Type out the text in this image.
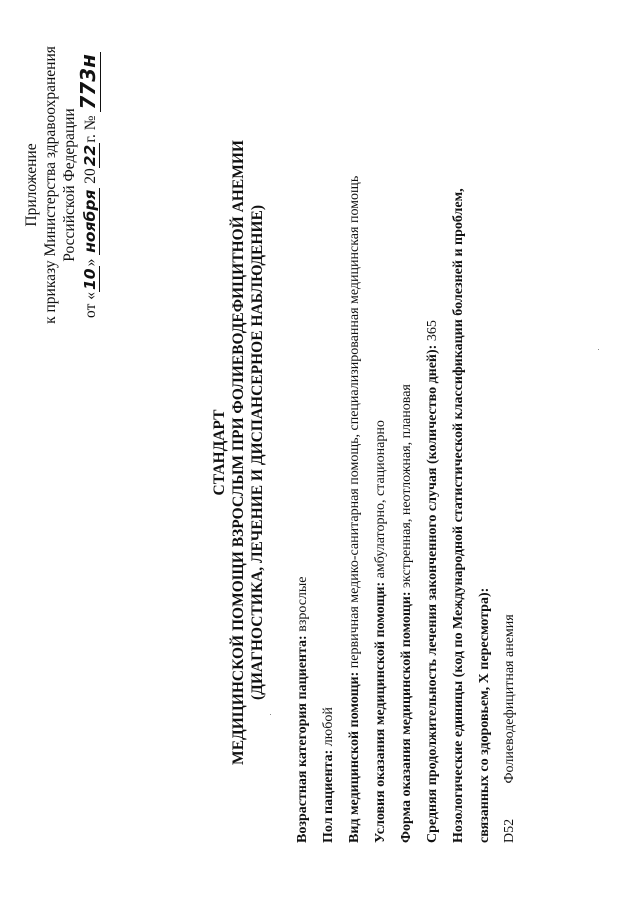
Приложение к приказу Министерства здравоохранения Российской Федерации
от «10» ноября 2022г. № 773н
СТАНДАРТ МЕДИЦИНСКОЙ ПОМОЩИ ВЗРОСЛЫМ ПРИ ФОЛИЕВОДЕФИЦИТНОЙ АНЕМИИ (ДИАГНОСТИКА, ЛЕЧЕНИЕ И ДИСПАНСЕРНОЕ НАБЛЮДЕНИЕ)
Возрастная категория пациента: взрослые
Пол пациента: любой Вид медицинской помощи: первичная медико-санитарная помощь, специализированная медицинская помощь
Условия оказания медицинской помощи: амбулаторно, стационарно
Форма оказания медицинской помощи: экстренная, неотложная, плановая Средняя продолжительность лечения законченного случая (количество дней): 365 Нозологические единицы (код по Международной статистической классификации болезней и проблем, связанных со здоровьем, X пересмотра): D52 Фолиеводефицитная анемия
